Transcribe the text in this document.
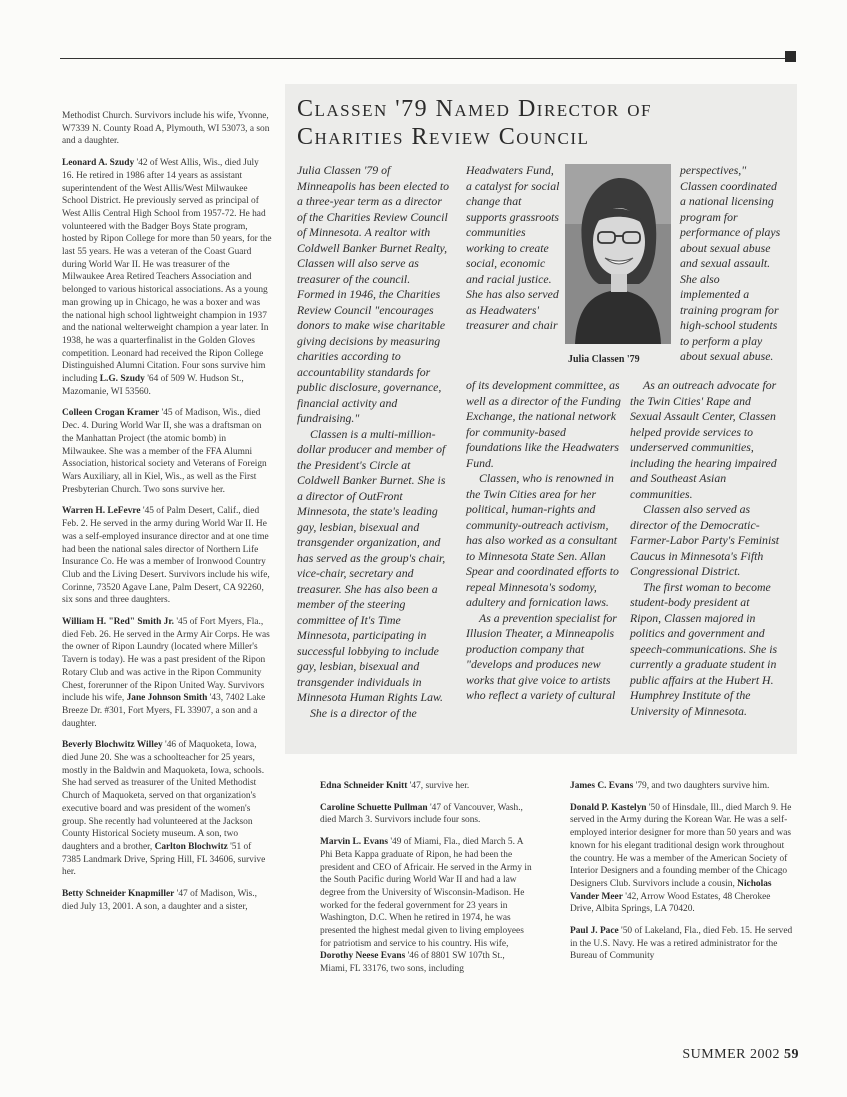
Methodist Church. Survivors include his wife, Yvonne, W7339 N. County Road A, Plymouth, WI 53073, a son and a daughter.

Leonard A. Szudy '42 of West Allis, Wis., died July 16. He retired in 1986 after 14 years as assistant superintendent of the West Allis/West Milwaukee School District. He previously served as principal of West Allis Central High School from 1957-72. He had volunteered with the Badger Boys State program, hosted by Ripon College for more than 50 years, for the last 55 years. He was a veteran of the Coast Guard during World War II. He was treasurer of the Milwaukee Area Retired Teachers Association and belonged to various historical associations. As a young man growing up in Chicago, he was a boxer and was the national high school lightweight champion in 1937 and the national welterweight champion a year later. In 1938, he was a quarterfinalist in the Golden Gloves competition. Leonard had received the Ripon College Distinguished Alumni Citation. Four sons survive him including L.G. Szudy '64 of 509 W. Hudson St., Mazomanie, WI 53560.

Colleen Crogan Kramer '45 of Madison, Wis., died Dec. 4. During World War II, she was a draftsman on the Manhattan Project (the atomic bomb) in Milwaukee. She was a member of the FFA Alumni Association, historical society and Veterans of Foreign Wars Auxiliary, all in Kiel, Wis., as well as the First Presbyterian Church. Two sons survive her.

Warren H. LeFevre '45 of Palm Desert, Calif., died Feb. 2. He served in the army during World War II. He was a self-employed insurance director and at one time had been the national sales director of Northern Life Insurance Co. He was a member of Ironwood Country Club and the Living Desert. Survivors include his wife, Corinne, 73520 Agave Lane, Palm Desert, CA 92260, six sons and three daughters.

William H. "Red" Smith Jr. '45 of Fort Myers, Fla., died Feb. 26. He served in the Army Air Corps. He was the owner of Ripon Laundry (located where Miller's Tavern is today). He was a past president of the Ripon Rotary Club and was active in the Ripon Community Chest, forerunner of the Ripon United Way. Survivors include his wife, Jane Johnson Smith '43, 7402 Lake Breeze Dr. #301, Fort Myers, FL 33907, a son and a daughter.

Beverly Blochwitz Willey '46 of Maquoketa, Iowa, died June 20. She was a schoolteacher for 25 years, mostly in the Baldwin and Maquoketa, Iowa, schools. She had served as treasurer of the United Methodist Church of Maquoketa, served on that organization's executive board and was president of the women's group. She recently had volunteered at the Jackson County Historical Society museum. A son, two daughters and a brother, Carlton Blochwitz '51 of 7385 Landmark Drive, Spring Hill, FL 34606, survive her.

Betty Schneider Knapmiller '47 of Madison, Wis., died July 13, 2001. A son, a daughter and a sister,

Classen '79 Named Director of Charities Review Council

Julia Classen '79 of Minneapolis has been elected to a three-year term as a director of the Charities Review Council of Minnesota. A realtor with Coldwell Banker Burnet Realty, Classen will also serve as treasurer of the council. Formed in 1946, the Charities Review Council "encourages donors to make wise charitable giving decisions by measuring charities according to accountability standards for public disclosure, governance, financial activity and fundraising."

Classen is a multi-million-dollar producer and member of the President's Circle at Coldwell Banker Burnet. She is a director of OutFront Minnesota, the state's leading gay, lesbian, bisexual and transgender organization, and has served as the group's chair, vice-chair, secretary and treasurer. She has also been a member of the steering committee of It's Time Minnesota, participating in successful lobbying to include gay, lesbian, bisexual and transgender individuals in Minnesota Human Rights Law.

She is a director of the

Headwaters Fund, a catalyst for social change that supports grassroots communities working to create social, economic and racial justice. She has also served as Headwaters' treasurer and chair

Julia Classen '79

perspectives," Classen coordinated a national licensing program for performance of plays about sexual abuse and sexual assault. She also implemented a training program for high-school students to perform a play about sexual abuse.

of its development committee, as well as a director of the Funding Exchange, the national network for community-based foundations like the Headwaters Fund.

Classen, who is renowned in the Twin Cities area for her political, human-rights and community-outreach activism, has also worked as a consultant to Minnesota State Sen. Allan Spear and coordinated efforts to repeal Minnesota's sodomy, adultery and fornication laws.

As a prevention specialist for Illusion Theater, a Minneapolis production company that "develops and produces new works that give voice to artists who reflect a variety of cultural

As an outreach advocate for the Twin Cities' Rape and Sexual Assault Center, Classen helped provide services to underserved communities, including the hearing impaired and Southeast Asian communities.

Classen also served as director of the Democratic-Farmer-Labor Party's Feminist Caucus in Minnesota's Fifth Congressional District.

The first woman to become student-body president at Ripon, Classen majored in politics and government and speech-communications. She is currently a graduate student in public affairs at the Hubert H. Humphrey Institute of the University of Minnesota.

Edna Schneider Knitt '47, survive her.

Caroline Schuette Pullman '47 of Vancouver, Wash., died March 3. Survivors include four sons.

Marvin L. Evans '49 of Miami, Fla., died March 5. A Phi Beta Kappa graduate of Ripon, he had been the president and CEO of Africair. He served in the Army in the South Pacific during World War II and had a law degree from the University of Wisconsin-Madison. He worked for the federal government for 23 years in Washington, D.C. When he retired in 1974, he was presented the highest medal given to living employees for patriotism and service to his country. His wife, Dorothy Neese Evans '46 of 8801 SW 107th St., Miami, FL 33176, two sons, including

James C. Evans '79, and two daughters survive him.

Donald P. Kastelyn '50 of Hinsdale, Ill., died March 9. He served in the Army during the Korean War. He was a self-employed interior designer for more than 50 years and was known for his elegant traditional design work throughout the country. He was a member of the American Society of Interior Designers and a founding member of the Chicago Designers Club. Survivors include a cousin, Nicholas Vander Meer '42, Arrow Wood Estates, 48 Cherokee Drive, Albita Springs, LA 70420.

Paul J. Pace '50 of Lakeland, Fla., died Feb. 15. He served in the U.S. Navy. He was a retired administrator for the Bureau of Community

SUMMER 2002 59
